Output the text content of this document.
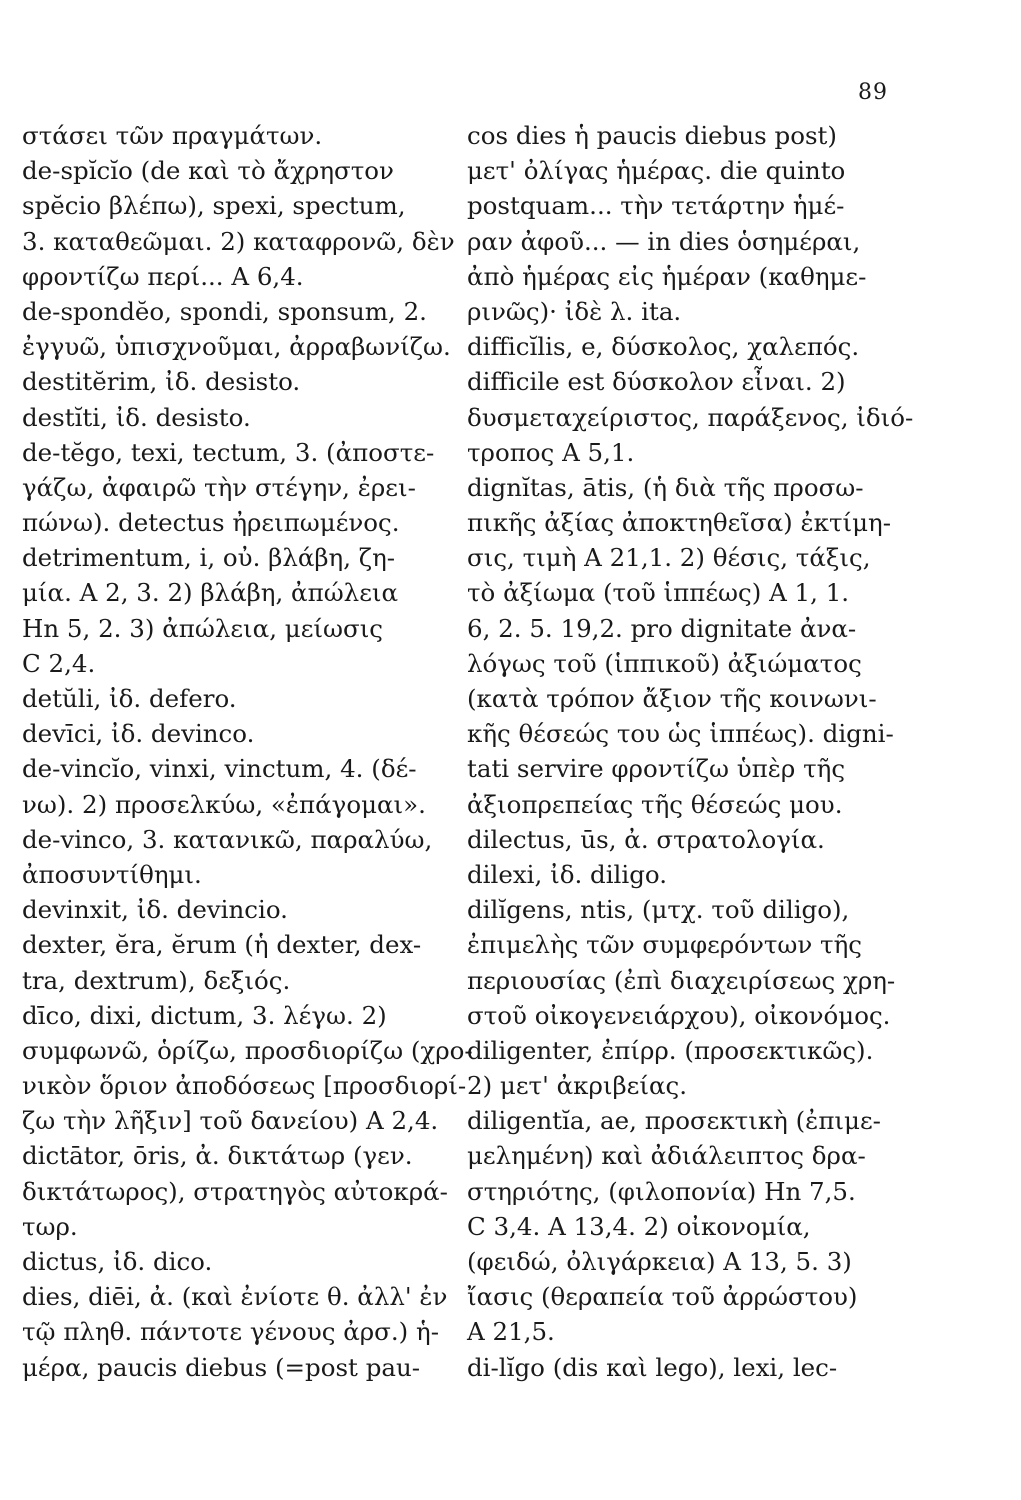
89
στάσει τῶν πραγμάτων.
de-spĭcĭo (de καὶ τὸ ἄχρηστον
spĕcio βλέπω), spexi, spectum,
3. καταθεῶμαι. 2) καταφρονῶ, δὲν
φροντίζω περί... A 6,4.
de-spondĕo, spondi, sponsum, 2.
ἐγγυῶ, ὑπισχνοῦμαι, ἀρραβωνίζω.
destitĕrim, ἰδ. desisto.
destĭti, ἰδ. desisto.
de-tĕgo, texi, tectum, 3. (ἀποστε-
γάζω, ἀφαιρῶ τὴν στέγην, ἐρει-
πώνω). detectus ἠρειπωμένος.
detrimentum, i, οὐ. βλάβη, ζη-
μία. A 2, 3. 2) βλάβη, ἀπώλεια
Hn 5, 2. 3) ἀπώλεια, μείωσις
C 2,4.
detŭli, ἰδ. defero.
devīci, ἰδ. devinco.
de-vincĭo, vinxi, vinctum, 4. (δέ-
νω). 2) προσελκύω, «ἐπάγομαι».
de-vinco, 3. κατανικῶ, παραλύω,
ἀποσυντίθημι.
devinxit, ἰδ. devincio.
dexter, ĕra, ĕrum (ἡ dexter, dex-
tra, dextrum), δεξιός.
dīco, dixi, dictum, 3. λέγω. 2)
συμφωνῶ, ὁρίζω, προσδιορίζω (χρο-
νικὸν ὅριον ἀποδόσεως [προσδιορί-
ζω τὴν λῆξιν] τοῦ δανείου) A 2,4.
dictātor, ōris, ἀ. δικτάτωρ (γεν.
δικτάτωρος), στρατηγὸς αὐτοκρά-
τωρ.
dictus, ἰδ. dico.
dies, diēi, ἀ. (καὶ ἐνίοτε θ. ἀλλ' ἐν
τῷ πληθ. πάντοτε γένους ἀρσ.) ἡ-
μέρα, paucis diebus (=post pau-
cos dies ἡ paucis diebus post)
μετ' ὀλίγας ἡμέρας. die quinto
postquam... τὴν τετάρτην ἡμέ-
ραν ἀφοῦ... — in dies ὁσημέραι,
ἀπὸ ἡμέρας εἰς ἡμέραν (καθημε-
ρινῶς)· ἰδὲ λ. ita.
difficĭlis, e, δύσκολος, χαλεπός.
difficile est δύσκολον εἶναι. 2)
δυσμεταχείριστος, παράξενος, ἰδιό-
τροπος A 5,1.
dignĭtas, ātis, (ἡ διὰ τῆς προσω-
πικῆς ἀξίας ἀποκτηθεῖσα) ἐκτίμη-
σις, τιμὴ A 21,1. 2) θέσις, τάξις,
τὸ ἀξίωμα (τοῦ ἱππέως) A 1, 1.
6, 2. 5. 19,2. pro dignitate ἀνα-
λόγως τοῦ (ἱππικοῦ) ἀξιώματος
(κατὰ τρόπον ἄξιον τῆς κοινωνι-
κῆς θέσεώς του ὡς ἱππέως). digni-
tati servire φροντίζω ὑπὲρ τῆς
ἀξιοπρεπείας τῆς θέσεώς μου.
dilectus, ūs, ἀ. στρατολογία.
dilexi, ἰδ. diligo.
dilĭgens, ntis, (μτχ. τοῦ diligo),
ἐπιμελὴς τῶν συμφερόντων τῆς
περιουσίας (ἐπὶ διαχειρίσεως χρη-
στοῦ οἰκογενειάρχου), οἰκονόμος.
diligenter, ἐπίρρ. (προσεκτικῶς).
2) μετ' ἀκριβείας.
diligentĭa, ae, προσεκτικὴ (ἐπιμε-
μελημένη) καὶ ἀδιάλειπτος δρα-
στηριότης, (φιλοπονία) Hn 7,5.
C 3,4. A 13,4. 2) οἰκονομία,
(φειδώ, ὀλιγάρκεια) A 13, 5. 3)
ἴασις (θεραπεία τοῦ ἀρρώστου)
A 21,5.
di-lĭgo (dis καὶ lego), lexi, lec-
